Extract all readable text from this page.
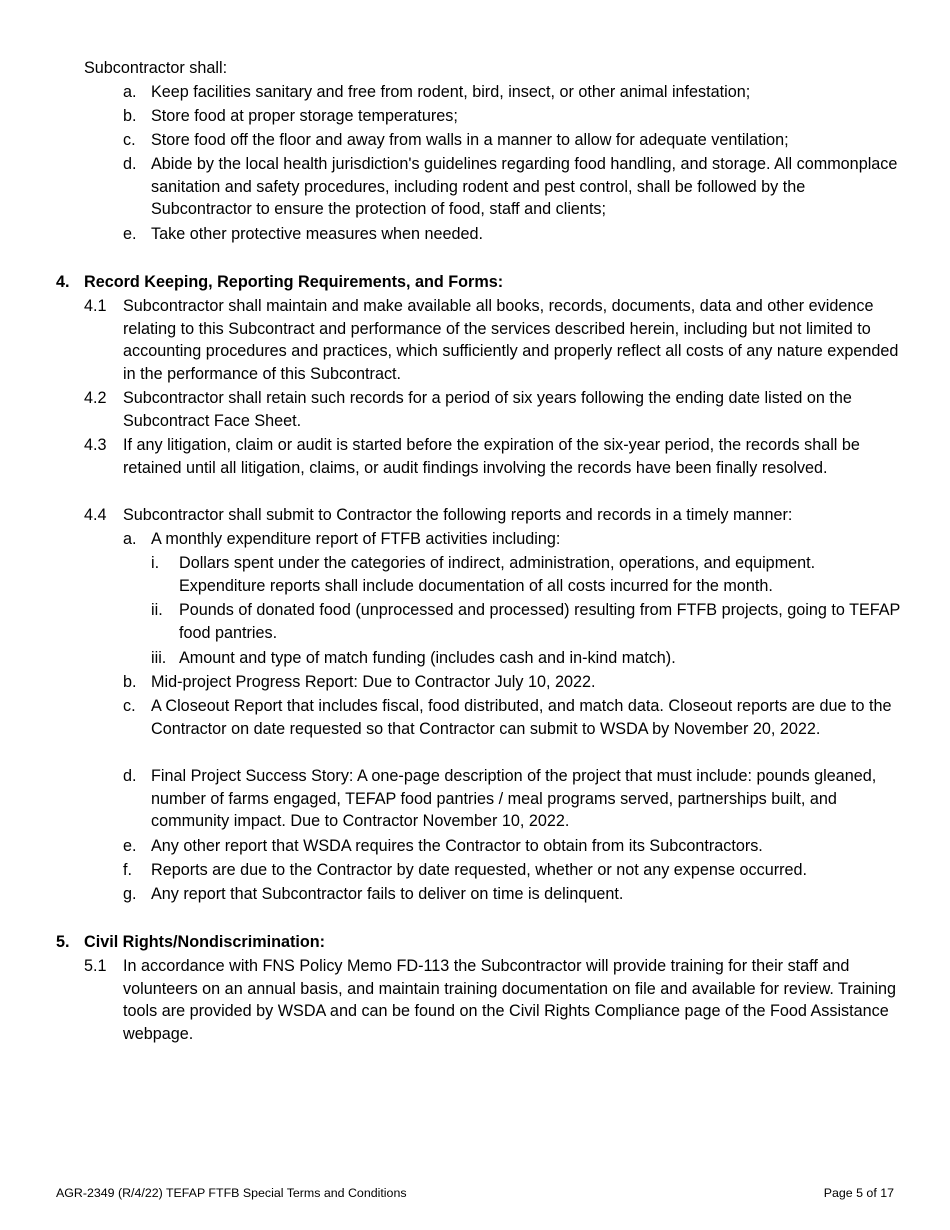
Subcontractor shall:
a. Keep facilities sanitary and free from rodent, bird, insect, or other animal infestation;
b. Store food at proper storage temperatures;
c. Store food off the floor and away from walls in a manner to allow for adequate ventilation;
d. Abide by the local health jurisdiction's guidelines regarding food handling, and storage. All commonplace sanitation and safety procedures, including rodent and pest control, shall be followed by the Subcontractor to ensure the protection of food, staff and clients;
e. Take other protective measures when needed.
4. Record Keeping, Reporting Requirements, and Forms:
4.1	Subcontractor shall maintain and make available all books, records, documents, data and other evidence relating to this Subcontract and performance of the services described herein, including but not limited to accounting procedures and practices, which sufficiently and properly reflect all costs of any nature expended in the performance of this Subcontract.
4.2	Subcontractor shall retain such records for a period of six years following the ending date listed on the Subcontract Face Sheet.
4.3	If any litigation, claim or audit is started before the expiration of the six-year period, the records shall be retained until all litigation, claims, or audit findings involving the records have been finally resolved.
4.4	Subcontractor shall submit to Contractor the following reports and records in a timely manner:
a. A monthly expenditure report of FTFB activities including:
i.	Dollars spent under the categories of indirect, administration, operations, and equipment. Expenditure reports shall include documentation of all costs incurred for the month.
ii.	Pounds of donated food (unprocessed and processed) resulting from FTFB projects, going to TEFAP food pantries.
iii. Amount and type of match funding (includes cash and in-kind match).
b. Mid-project Progress Report: Due to Contractor July 10, 2022.
c. A Closeout Report that includes fiscal, food distributed, and match data. Closeout reports are due to the Contractor on date requested so that Contractor can submit to WSDA by November 20, 2022.
d. Final Project Success Story: A one-page description of the project that must include: pounds gleaned, number of farms engaged, TEFAP food pantries / meal programs served, partnerships built, and community impact. Due to Contractor November 10, 2022.
e. Any other report that WSDA requires the Contractor to obtain from its Subcontractors.
f.	Reports are due to the Contractor by date requested, whether or not any expense occurred.
g. Any report that Subcontractor fails to deliver on time is delinquent.
5. Civil Rights/Nondiscrimination:
5.1	In accordance with FNS Policy Memo FD-113 the Subcontractor will provide training for their staff and volunteers on an annual basis, and maintain training documentation on file and available for review. Training tools are provided by WSDA and can be found on the Civil Rights Compliance page of the Food Assistance webpage.
AGR-2349 (R/4/22) TEFAP FTFB Special Terms and Conditions	Page 5 of 17
